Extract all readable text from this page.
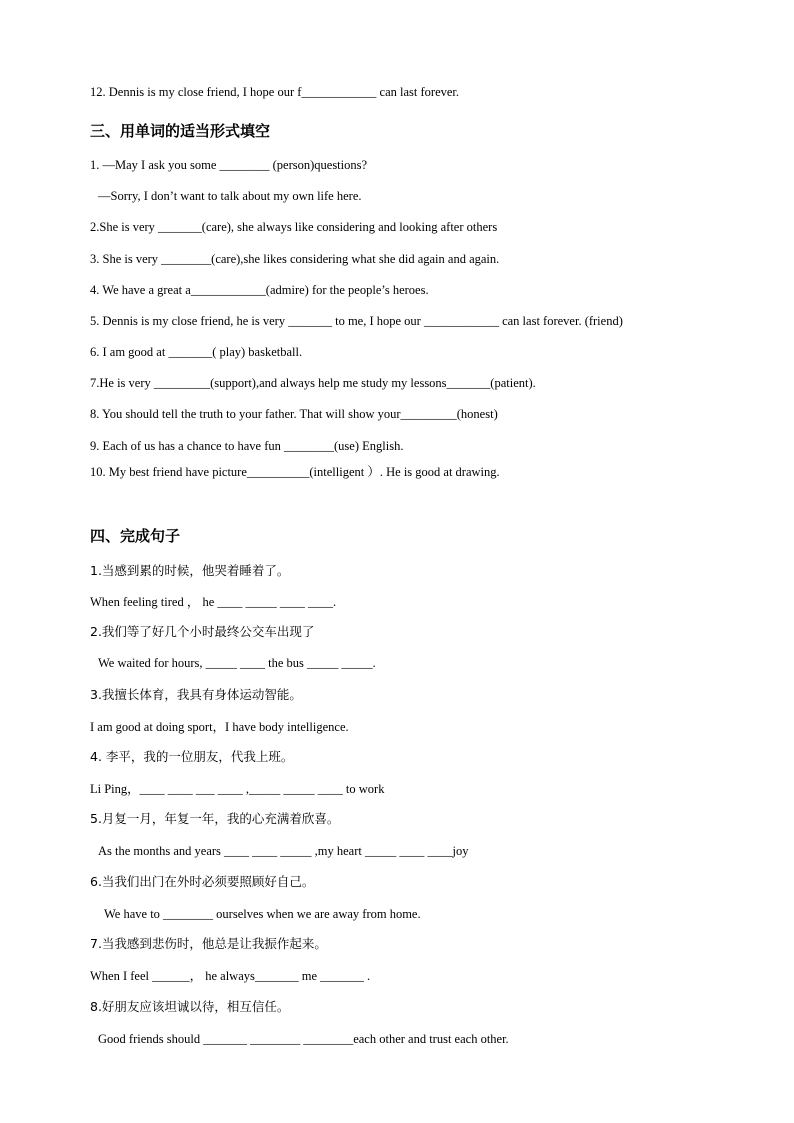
12. Dennis is my close friend, I hope our f____________ can last forever.
三、用单词的适当形式填空
1. —May I ask you some ________ (person)questions?
—Sorry, I don’t want to talk about my own life here.
2.She is very _______(care), she always like considering and looking after others
3. She is very ________(care),she likes considering what she did again and again.
4. We have a great a____________(admire) for the people’s heroes.
5. Dennis is my close friend, he is very _______ to me, I hope our ____________ can last forever. (friend)
6. I am good at _______( play) basketball.
7.He is very _________(support),and always help me study my lessons_______(patient).
8. You should tell the truth to your father. That will show your_________(honest)
9. Each of us has a chance to have fun ________(use) English.
10. My best friend have picture__________(intelligent ）. He is good at drawing.
四、完成句子
1.当感到累的时候，他哭着睡着了。
When feeling tired ， he ____ _____ ____ ____.
2.我们等了好几个小时最终公交车出现了
We waited for hours, _____ ____ the bus _____ _____.
3.我擅长体育，我具有身体运动智能。
I am good at doing sport，I have body intelligence.
4. 李平，我的一位朋友，代我上班。
Li Ping，____ ____ ___ ____ ,_____ _____ ____ to work
5.月复一月，年复一年，我的心充满着欣喜。
As the months and years ____ ____ _____ ,my heart _____ ____ ____joy
6.当我们出门在外时必须要照顾好自己。
We have to ________ ourselves when we are away from home.
7.当我感到悲伤时，他总是让我振作起来。
When I feel ______， he always_______ me _______ .
8.好朋友应该坦诚以待，相互信任。
Good friends should _______ ________ ________each other and trust each other.
